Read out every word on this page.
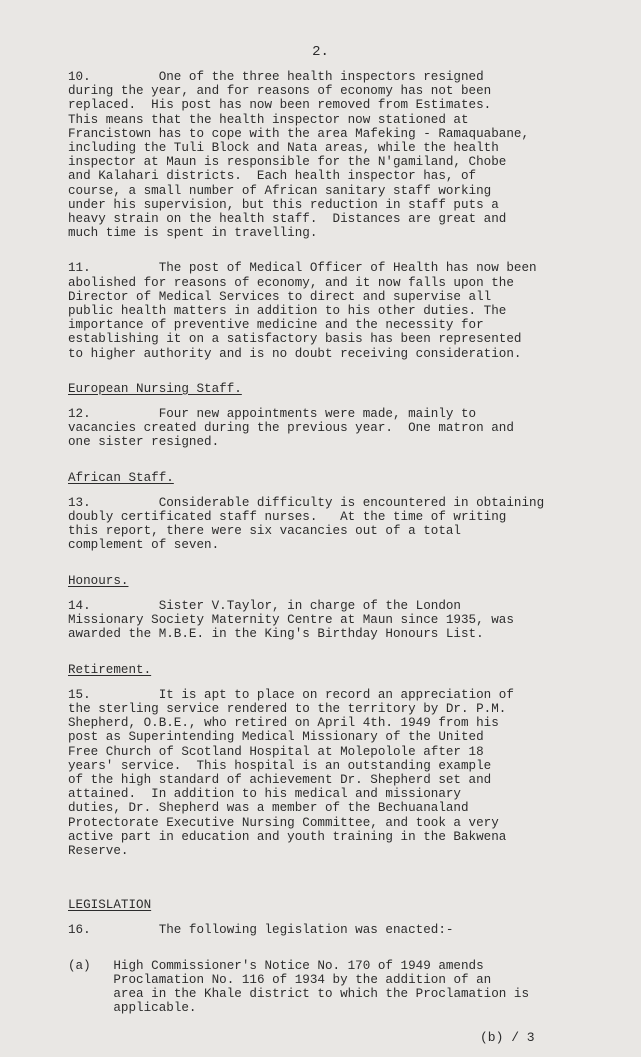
2.

10.         One of the three health inspectors resigned

during the year, and for reasons of economy has not been

replaced.  His post has now been removed from Estimates.

This means that the health inspector now stationed at

Francistown has to cope with the area Mafeking - Ramaquabane,

including the Tuli Block and Nata areas, while the health

inspector at Maun is responsible for the N'gamiland, Chobe

and Kalahari districts.  Each health inspector has, of

course, a small number of African sanitary staff working

under his supervision, but this reduction in staff puts a

heavy strain on the health staff.  Distances are great and

much time is spent in travelling.

11.         The post of Medical Officer of Health has now been

abolished for reasons of economy, and it now falls upon the

Director of Medical Services to direct and supervise all

public health matters in addition to his other duties. The

importance of preventive medicine and the necessity for

establishing it on a satisfactory basis has been represented

to higher authority and is no doubt receiving consideration.

European Nursing Staff.

12.         Four new appointments were made, mainly to

vacancies created during the previous year.  One matron and

one sister resigned.

African Staff.

13.         Considerable difficulty is encountered in obtaining

doubly certificated staff nurses.   At the time of writing

this report, there were six vacancies out of a total

complement of seven.

Honours.

14.         Sister V.Taylor, in charge of the London

Missionary Society Maternity Centre at Maun since 1935, was

awarded the M.B.E. in the King's Birthday Honours List.

Retirement.

15.         It is apt to place on record an appreciation of

the sterling service rendered to the territory by Dr. P.M.

Shepherd, O.B.E., who retired on April 4th. 1949 from his

post as Superintending Medical Missionary of the United

Free Church of Scotland Hospital at Molepolole after 18

years' service.  This hospital is an outstanding example

of the high standard of achievement Dr. Shepherd set and

attained.  In addition to his medical and missionary

duties, Dr. Shepherd was a member of the Bechuanaland

Protectorate Executive Nursing Committee, and took a very

active part in education and youth training in the Bakwena

Reserve.

LEGISLATION

16.         The following legislation was enacted:-

(a)   High Commissioner's Notice No. 170 of 1949 amends

Proclamation No. 116 of 1934 by the addition of an

area in the Khale district to which the Proclamation is

applicable.

(b) / 3
